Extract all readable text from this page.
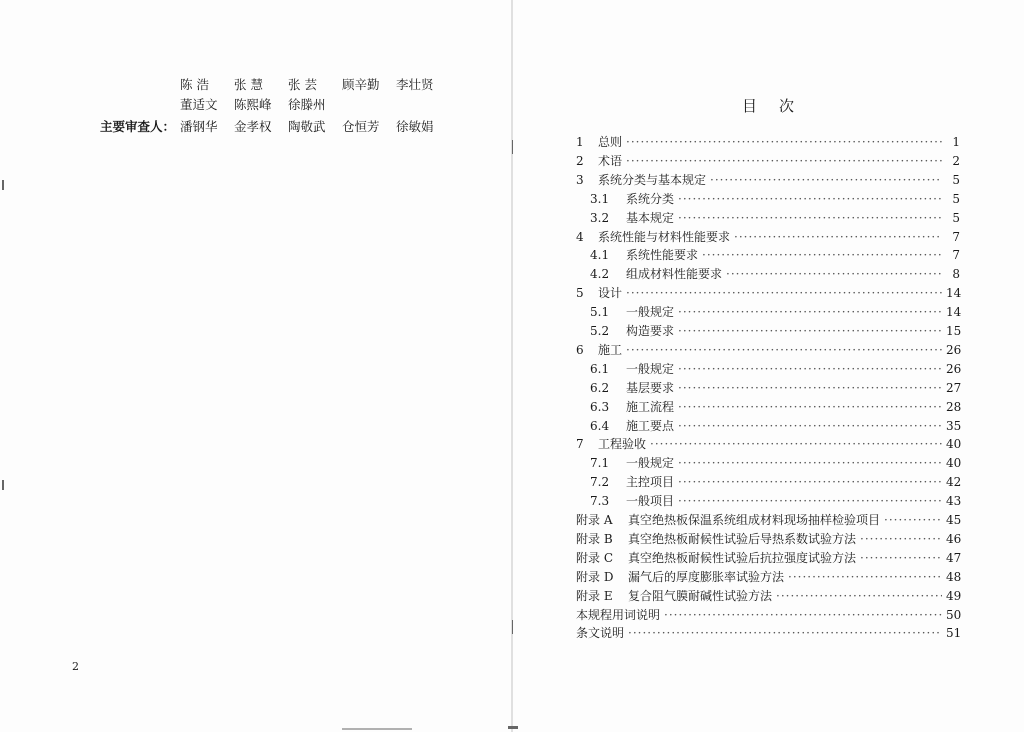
陈 浩 张 慧 张 芸 顾辛勤 李壮贤
董适文 陈熙峰 徐滕州
主要审查人： 潘钢华 金孝权 陶敬武 仓恒芳 徐敏娟
2
目次
1	总则 ·····	1
2	术语 ·····	2
3	系统分类与基本规定 ·····	5
3.1	系统分类 ·····	5
3.2	基本规定 ·····	5
4	系统性能与材料性能要求 ·····	7
4.1	系统性能要求 ·····	7
4.2	组成材料性能要求 ·····	8
5	设计 ·····	14
5.1	一般规定 ·····	14
5.2	构造要求 ·····	15
6	施工 ·····	26
6.1	一般规定 ·····	26
6.2	基层要求 ·····	27
6.3	施工流程 ·····	28
6.4	施工要点 ·····	35
7	工程验收 ·····	40
7.1	一般规定 ·····	40
7.2	主控项目 ·····	42
7.3	一般项目 ·····	43
附录 A	真空绝热板保温系统组成材料现场抽样检验项目 ·····	45
附录 B	真空绝热板耐候性试验后导热系数试验方法 ·····	46
附录 C	真空绝热板耐候性试验后抗拉强度试验方法 ·····	47
附录 D	漏气后的厚度膨胀率试验方法 ·····	48
附录 E	复合阻气膜耐碱性试验方法 ·····	49
本规程用词说明 ·····	50
条文说明 ·····	51
